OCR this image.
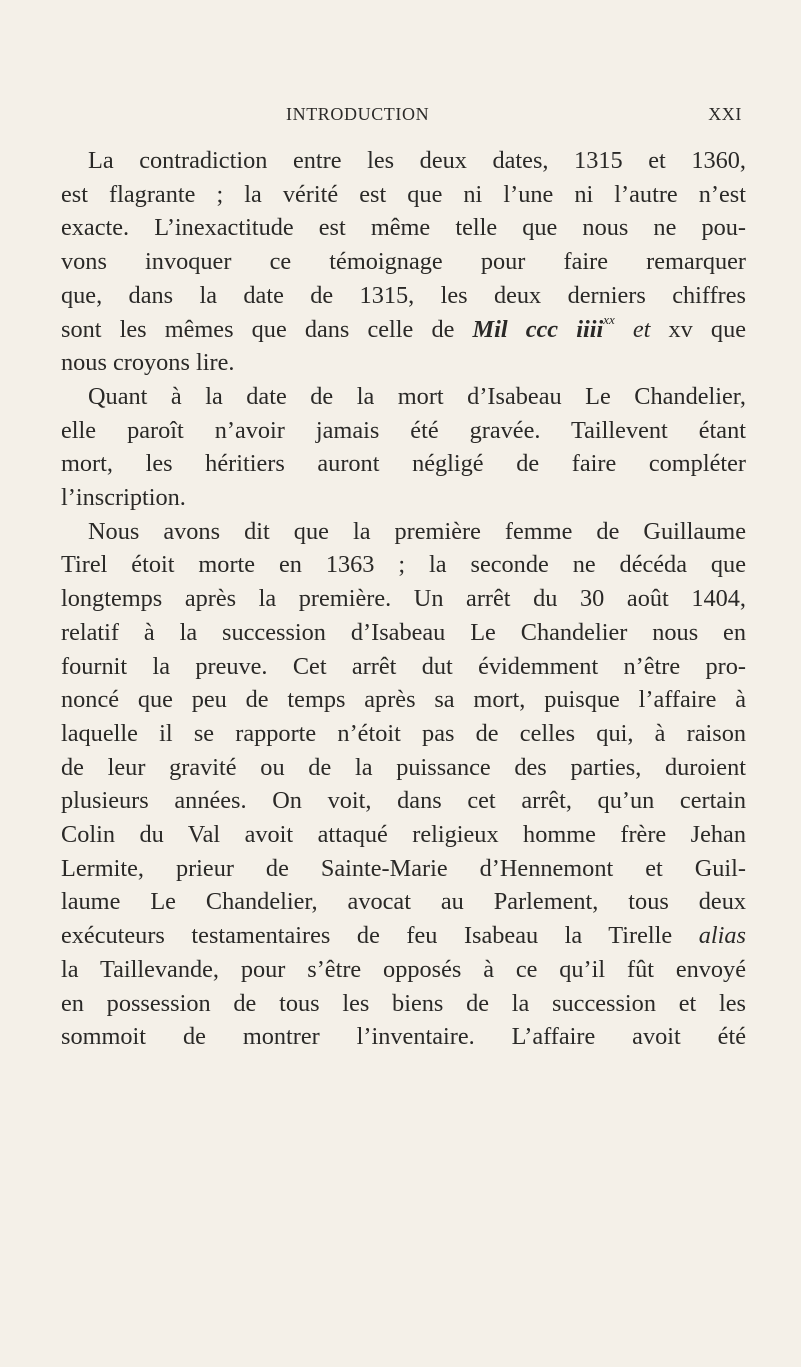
INTRODUCTION	XXI
La contradiction entre les deux dates, 1315 et 1360,
est flagrante ; la vérité est que ni l’une ni l’autre n’est
exacte. L’inexactitude est même telle que nous ne pou-
vons invoquer ce témoignage pour faire remarquer
que, dans la date de 1315, les deux derniers chiffres
sont les mêmes que dans celle de Mil ccc iiii$^{xx}$ et xv que
nous croyons lire.
Quant à la date de la mort d’Isabeau Le Chandelier,
elle paroît n’avoir jamais été gravée. Taillevent étant
mort, les héritiers auront négligé de faire compléter
l’inscription.
Nous avons dit que la première femme de Guillaume
Tirel étoit morte en 1363 ; la seconde ne décéda que
longtemps après la première. Un arrêt du 30 août 1404,
relatif à la succession d’Isabeau Le Chandelier nous en
fournit la preuve. Cet arrêt dut évidemment n’être pro-
noncé que peu de temps après sa mort, puisque l’affaire à
laquelle il se rapporte n’étoit pas de celles qui, à raison
de leur gravité ou de la puissance des parties, duroient
plusieurs années. On voit, dans cet arrêt, qu’un certain
Colin du Val avoit attaqué religieux homme frère Jehan
Lermite, prieur de Sainte-Marie d’Hennemont et Guil-
laume Le Chandelier, avocat au Parlement, tous deux
exécuteurs testamentaires de feu Isabeau la Tirelle alias
la Taillevande, pour s’être opposés à ce qu’il fût envoyé
en possession de tous les biens de la succession et les
sommoit de montrer l’inventaire. L’affaire avoit été
